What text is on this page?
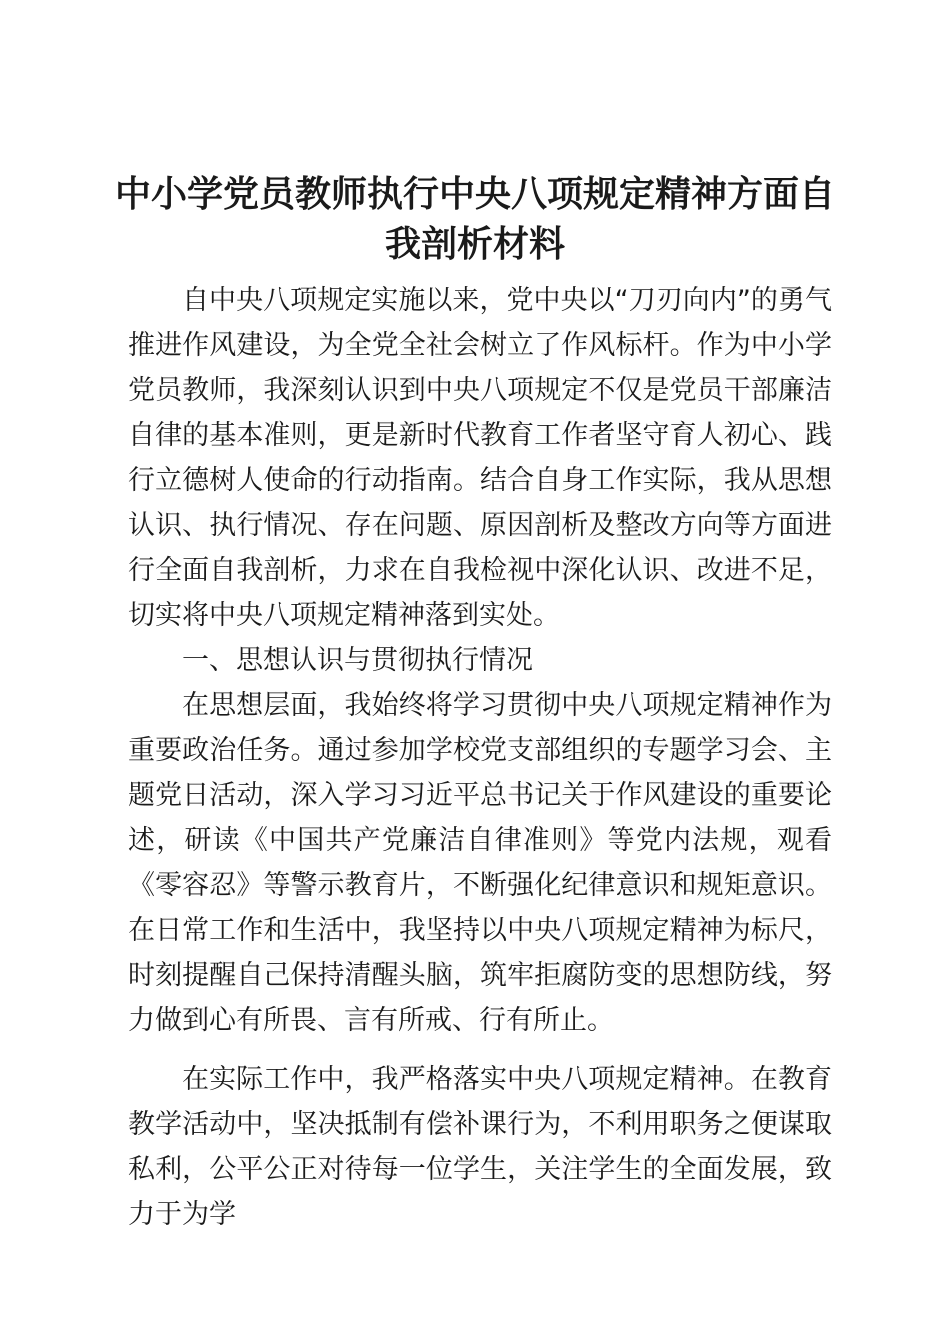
中小学党员教师执行中央八项规定精神方面自我剖析材料

自中央八项规定实施以来，党中央以“刀刃向内”的勇气推进作风建设，为全党全社会树立了作风标杆。作为中小学党员教师，我深刻认识到中央八项规定不仅是党员干部廉洁自律的基本准则，更是新时代教育工作者坚守育人初心、践行立德树人使命的行动指南。结合自身工作实际，我从思想认识、执行情况、存在问题、原因剖析及整改方向等方面进行全面自我剖析，力求在自我检视中深化认识、改进不足，切实将中央八项规定精神落到实处。

一、思想认识与贯彻执行情况

在思想层面，我始终将学习贯彻中央八项规定精神作为重要政治任务。通过参加学校党支部组织的专题学习会、主题党日活动，深入学习习近平总书记关于作风建设的重要论述，研读《中国共产党廉洁自律准则》等党内法规，观看《零容忍》等警示教育片，不断强化纪律意识和规矩意识。在日常工作和生活中，我坚持以中央八项规定精神为标尺，时刻提醒自己保持清醒头脑，筑牢拒腐防变的思想防线，努力做到心有所畏、言有所戒、行有所止。

在实际工作中，我严格落实中央八项规定精神。在教育教学活动中，坚决抵制有偿补课行为，不利用职务之便谋取私利，公平公正对待每一位学生，关注学生的全面发展，致力于为学
